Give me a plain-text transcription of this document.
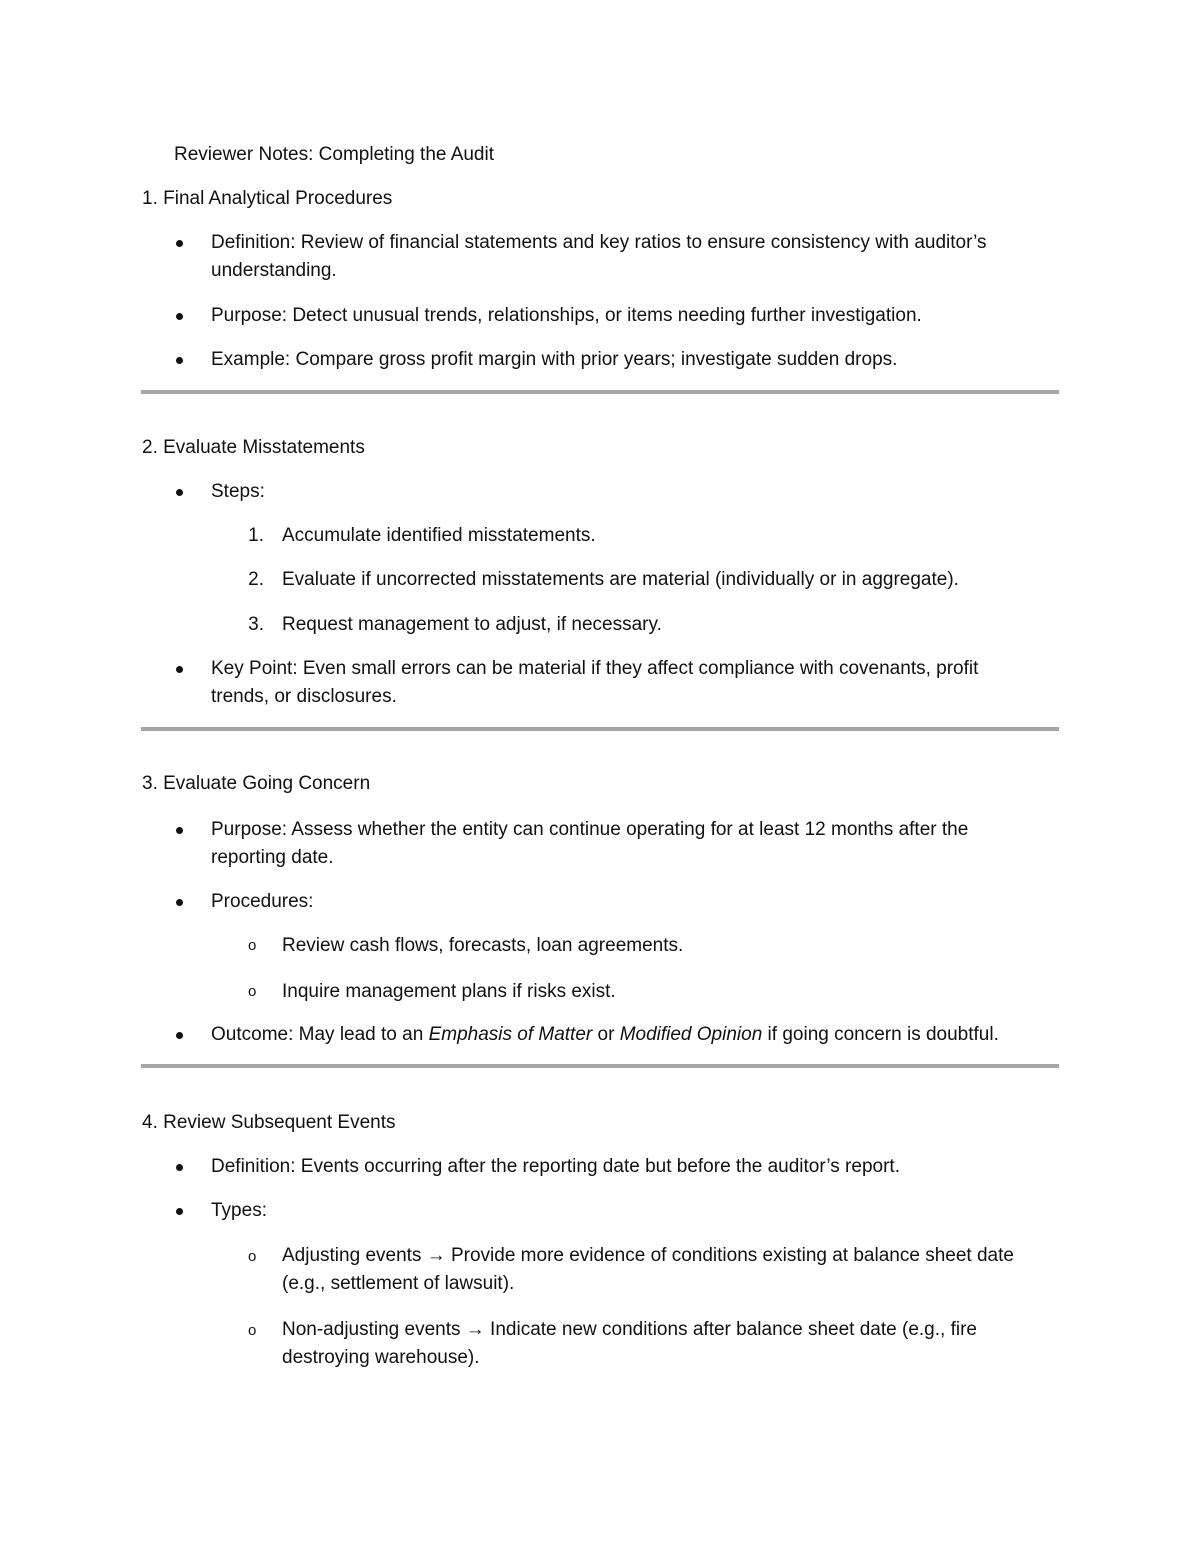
Reviewer Notes: Completing the Audit
1. Final Analytical Procedures
Definition: Review of financial statements and key ratios to ensure consistency with auditor’s
understanding.
Purpose: Detect unusual trends, relationships, or items needing further investigation.
Example: Compare gross profit margin with prior years; investigate sudden drops.
2. Evaluate Misstatements
Steps:
1. Accumulate identified misstatements.
2. Evaluate if uncorrected misstatements are material (individually or in aggregate).
3. Request management to adjust, if necessary.
Key Point: Even small errors can be material if they affect compliance with covenants, profit
trends, or disclosures.
3. Evaluate Going Concern
Purpose: Assess whether the entity can continue operating for at least 12 months after the
reporting date.
Procedures:
o Review cash flows, forecasts, loan agreements.
o Inquire management plans if risks exist.
Outcome: May lead to an Emphasis of Matter or Modified Opinion if going concern is doubtful.
4. Review Subsequent Events
Definition: Events occurring after the reporting date but before the auditor’s report.
Types:
o Adjusting events → Provide more evidence of conditions existing at balance sheet date
(e.g., settlement of lawsuit).
o Non-adjusting events → Indicate new conditions after balance sheet date (e.g., fire
destroying warehouse).
